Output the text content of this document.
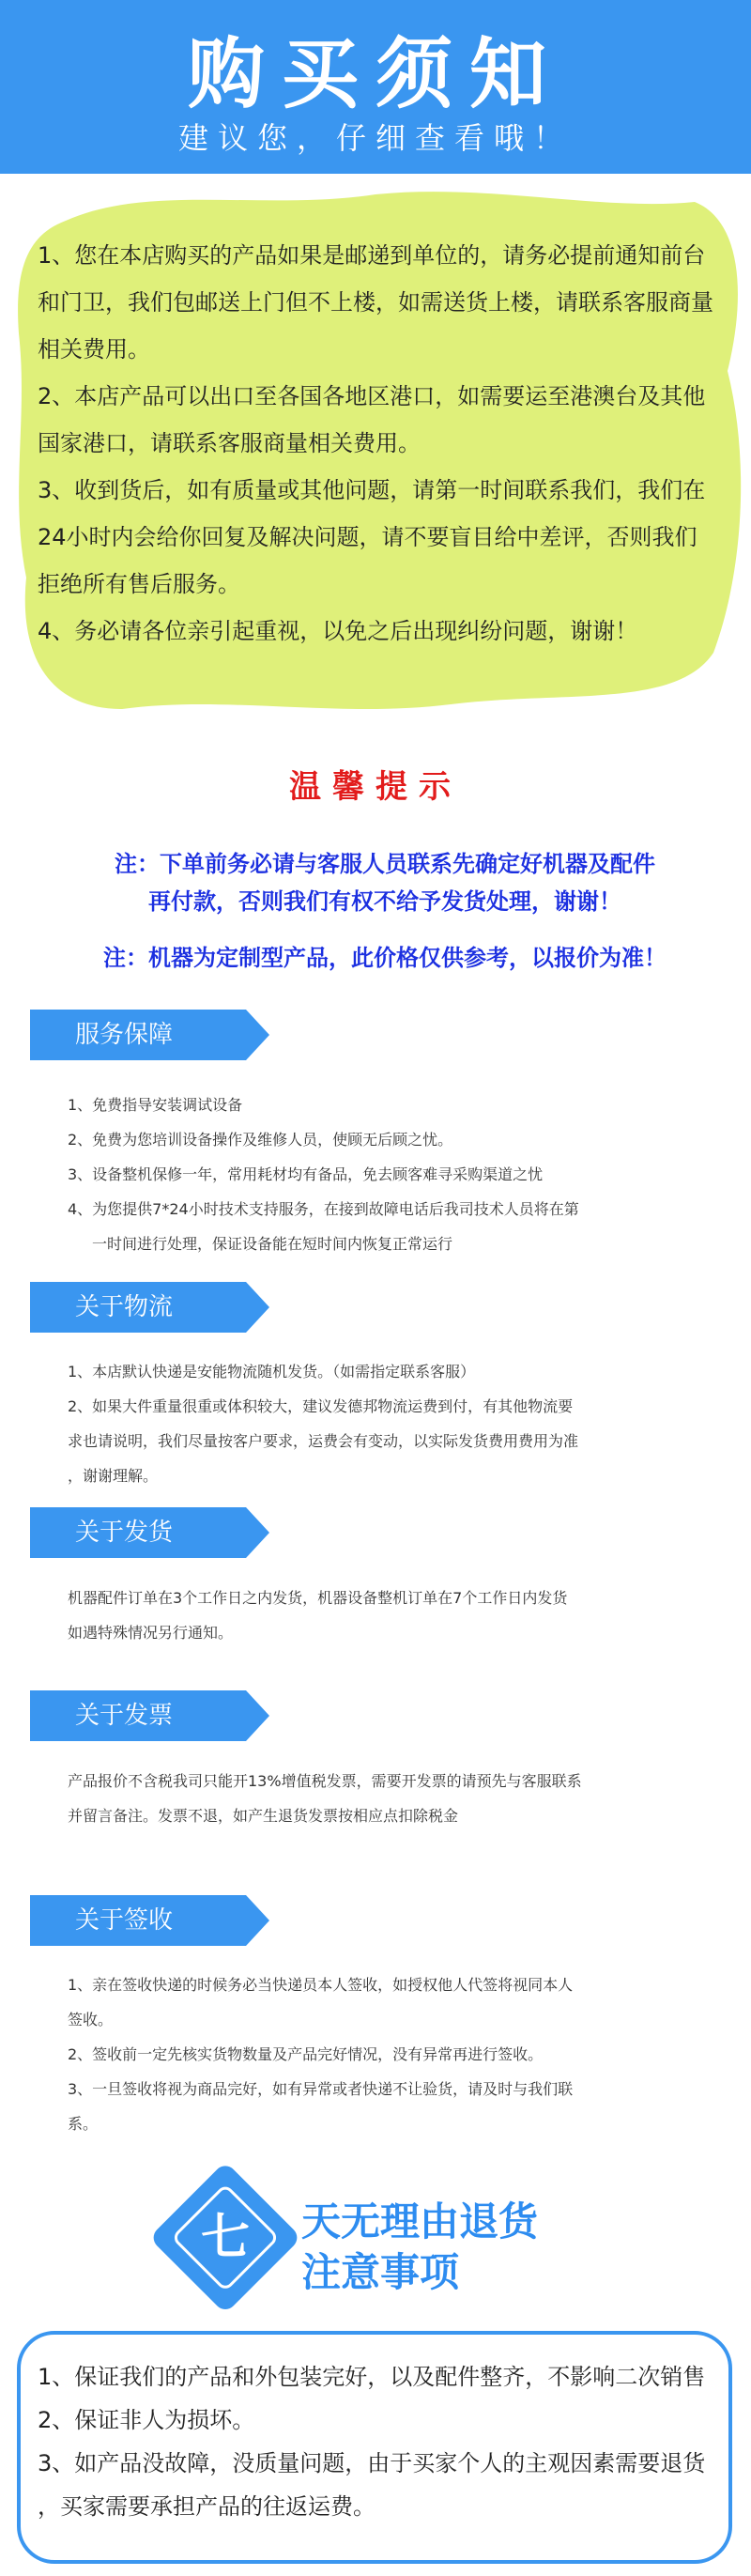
购买须知
建议您，仔细查看哦！
1、您在本店购买的产品如果是邮递到单位的，请务必提前通知前台和门卫，我们包邮送上门但不上楼，如需送货上楼，请联系客服商量相关费用。
2、本店产品可以出口至各国各地区港口，如需要运至港澳台及其他国家港口，请联系客服商量相关费用。
3、收到货后，如有质量或其他问题，请第一时间联系我们，我们在24小时内会给你回复及解决问题，请不要盲目给中差评，否则我们拒绝所有售后服务。
4、务必请各位亲引起重视，以免之后出现纠纷问题，谢谢！
温馨提示
注：下单前务必请与客服人员联系先确定好机器及配件
再付款，否则我们有权不给予发货处理，谢谢！
注：机器为定制型产品，此价格仅供参考，以报价为准！
服务保障
1、免费指导安装调试设备
2、免费为您培训设备操作及维修人员，使顾无后顾之忧。
3、设备整机保修一年，常用耗材均有备品，免去顾客难寻采购渠道之忧
4、为您提供7*24小时技术支持服务，在接到故障电话后我司技术人员将在第
一时间进行处理，保证设备能在短时间内恢复正常运行
关于物流
1、本店默认快递是安能物流随机发货。（如需指定联系客服）
2、如果大件重量很重或体积较大，建议发德邦物流运费到付，有其他物流要
求也请说明，我们尽量按客户要求，运费会有变动，以实际发货费用费用为准
，谢谢理解。
关于发货
机器配件订单在3个工作日之内发货，机器设备整机订单在7个工作日内发货
如遇特殊情况另行通知。
关于发票
产品报价不含税我司只能开13%增值税发票，需要开发票的请预先与客服联系
并留言备注。发票不退，如产生退货发票按相应点扣除税金
关于签收
1、亲在签收快递的时候务必当快递员本人签收，如授权他人代签将视同本人
签收。
2、签收前一定先核实货物数量及产品完好情况，没有异常再进行签收。
3、一旦签收将视为商品完好，如有异常或者快递不让验货，请及时与我们联
系。
七	天无理由退货
注意事项
1、保证我们的产品和外包装完好，以及配件整齐，不影响二次销售
2、保证非人为损坏。
3、如产品没故障，没质量问题，由于买家个人的主观因素需要退货
，买家需要承担产品的往返运费。
